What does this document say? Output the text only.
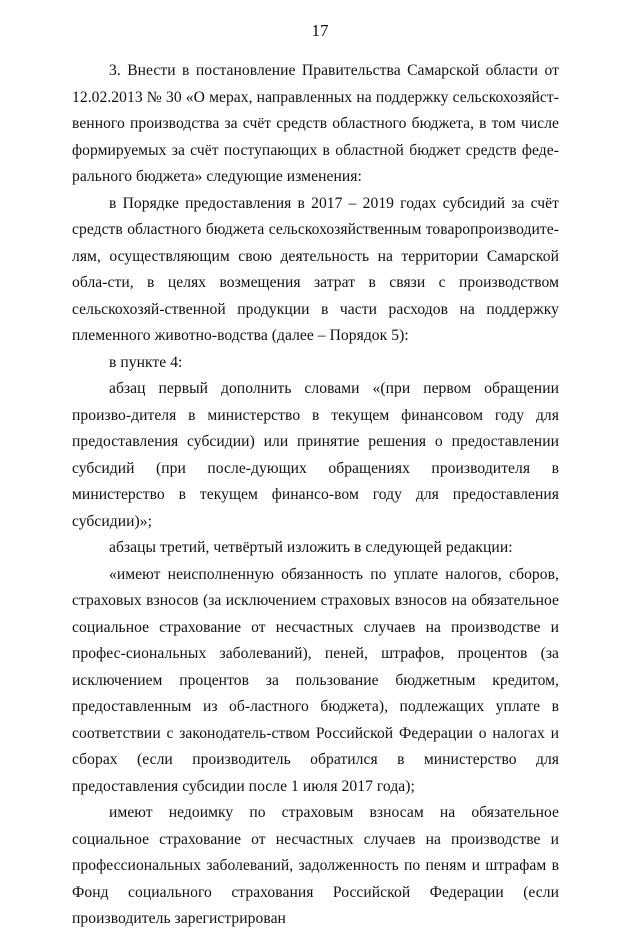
17

3. Внести в постановление Правительства Самарской области от 12.02.2013 № 30 «О мерах, направленных на поддержку сельскохозяйст-венного производства за счёт средств областного бюджета, в том числе формируемых за счёт поступающих в областной бюджет средств феде-рального бюджета» следующие изменения:

в Порядке предоставления в 2017 – 2019 годах субсидий за счёт средств областного бюджета сельскохозяйственным товаропроизводите-лям, осуществляющим свою деятельность на территории Самарской обла-сти, в целях возмещения затрат в связи с производством сельскохозяй-ственной продукции в части расходов на поддержку племенного животно-водства (далее – Порядок 5):

в пункте 4:

абзац первый дополнить словами «(при первом обращении произво-дителя в министерство в текущем финансовом году для предоставления субсидии) или принятие решения о предоставлении субсидий (при после-дующих обращениях производителя в министерство в текущем финансо-вом году для предоставления субсидии)»;

абзацы третий, четвёртый изложить в следующей редакции:

«имеют неисполненную обязанность по уплате налогов, сборов, страховых взносов (за исключением страховых взносов на обязательное социальное страхование от несчастных случаев на производстве и профес-сиональных заболеваний), пеней, штрафов, процентов (за исключением процентов за пользование бюджетным кредитом, предоставленным из об-ластного бюджета), подлежащих уплате в соответствии с законодатель-ством Российской Федерации о налогах и сборах (если производитель обратился в министерство для предоставления субсидии после 1 июля 2017 года);

имеют недоимку по страховым взносам на обязательное социальное страхование от несчастных случаев на производстве и профессиональных заболеваний, задолженность по пеням и штрафам в Фонд социального страхования Российской Федерации (если производитель зарегистрирован
